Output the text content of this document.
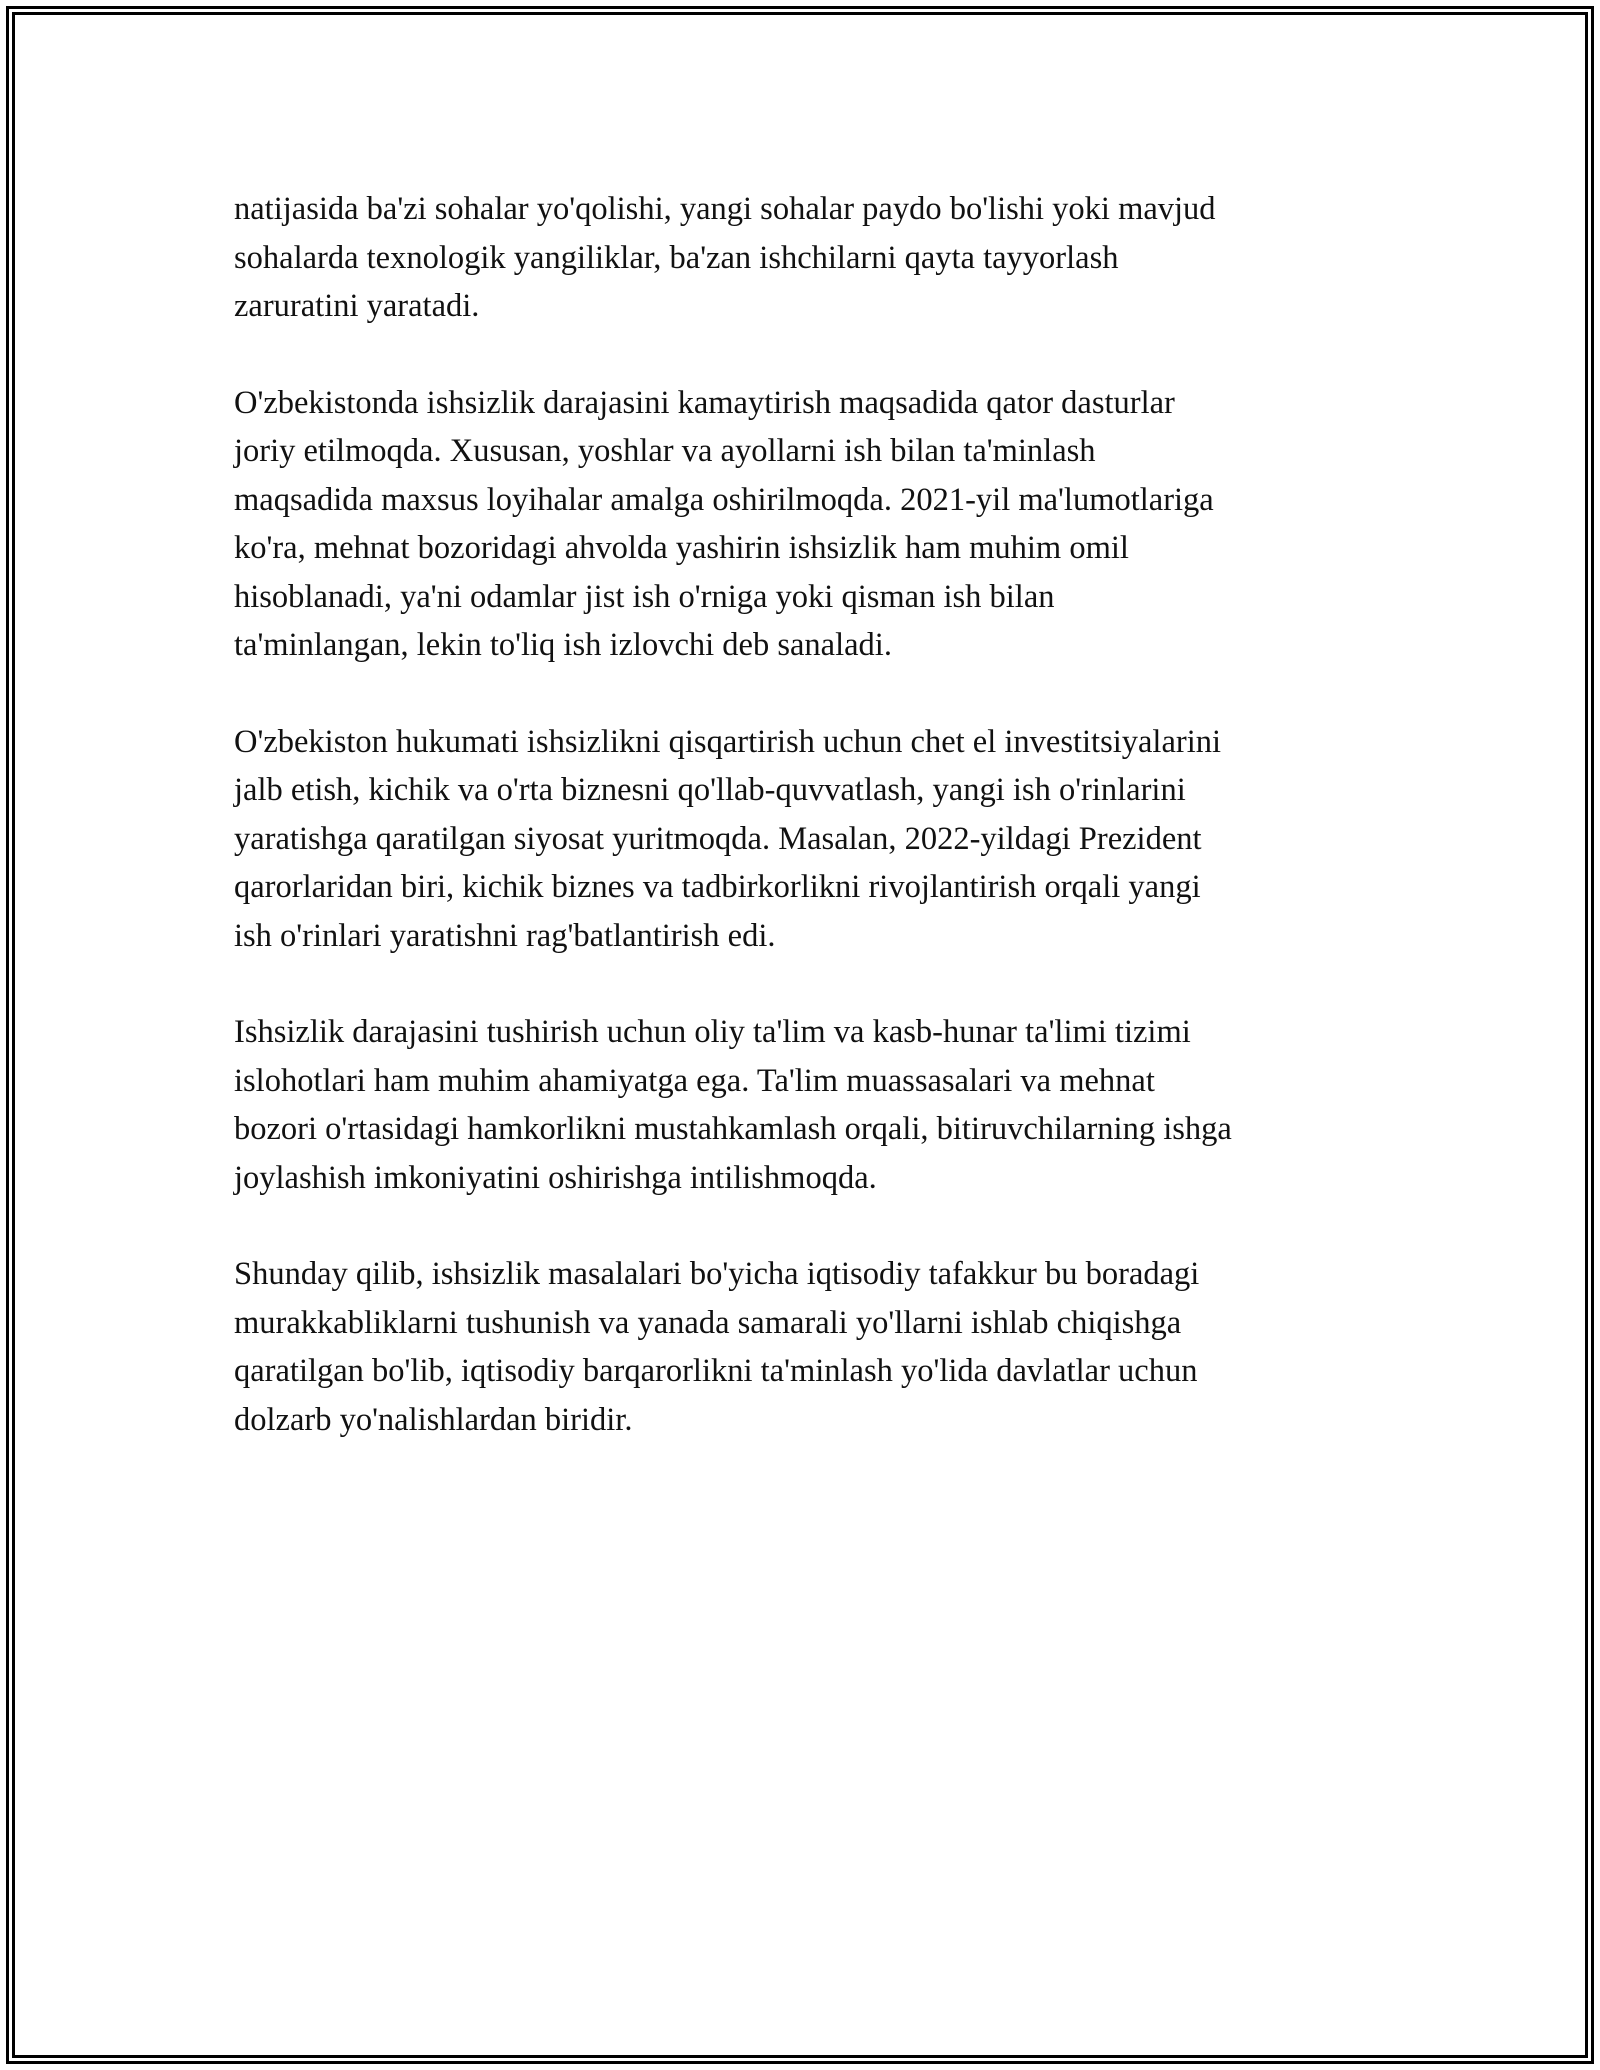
natijasida ba'zi sohalar yo'qolishi, yangi sohalar paydo bo'lishi yoki mavjud
sohalarda texnologik yangiliklar, ba'zan ishchilarni qayta tayyorlash
zaruratini yaratadi.

O'zbekistonda ishsizlik darajasini kamaytirish maqsadida qator dasturlar
joriy etilmoqda. Xususan, yoshlar va ayollarni ish bilan ta'minlash
maqsadida maxsus loyihalar amalga oshirilmoqda. 2021-yil ma'lumotlariga
ko'ra, mehnat bozoridagi ahvolda yashirin ishsizlik ham muhim omil
hisoblanadi, ya'ni odamlar jist ish o'rniga yoki qisman ish bilan
ta'minlangan, lekin to'liq ish izlovchi deb sanaladi.

O'zbekiston hukumati ishsizlikni qisqartirish uchun chet el investitsiyalarini
jalb etish, kichik va o'rta biznesni qo'llab-quvvatlash, yangi ish o'rinlarini
yaratishga qaratilgan siyosat yuritmoqda. Masalan, 2022-yildagi Prezident
qarorlaridan biri, kichik biznes va tadbirkorlikni rivojlantirish orqali yangi
ish o'rinlari yaratishni rag'batlantirish edi.

Ishsizlik darajasini tushirish uchun oliy ta'lim va kasb-hunar ta'limi tizimi
islohotlari ham muhim ahamiyatga ega. Ta'lim muassasalari va mehnat
bozori o'rtasidagi hamkorlikni mustahkamlash orqali, bitiruvchilarning ishga
joylashish imkoniyatini oshirishga intilishmoqda.

Shunday qilib, ishsizlik masalalari bo'yicha iqtisodiy tafakkur bu boradagi
murakkabliklarni tushunish va yanada samarali yo'llarni ishlab chiqishga
qaratilgan bo'lib, iqtisodiy barqarorlikni ta'minlash yo'lida davlatlar uchun
dolzarb yo'nalishlardan biridir.
